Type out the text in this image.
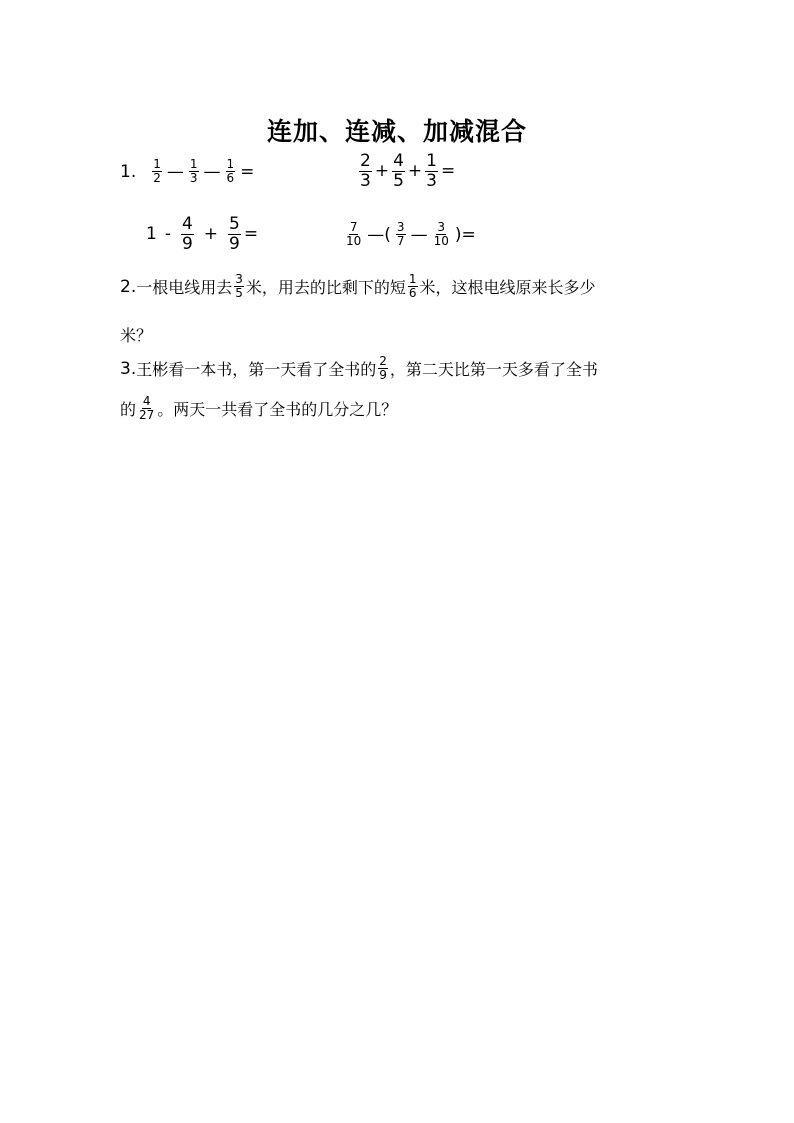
连加、连减、加减混合
1. $\frac{1}{2}$ — $\frac{1}{3}$ — $\frac{1}{6}$ =	$\frac{2}{3} + \frac{4}{5} + \frac{1}{3}$ =
$1 - \frac{4}{9} + \frac{5}{9}$ =	$\frac{7}{10}$ —( $\frac{3}{7}$ — $\frac{3}{10}$ )=
2. 一根电线用去 $\frac{3}{5}$ 米，用去的比剩下的短 $\frac{1}{6}$ 米，这根电线原来长多少
米？
3. 王彬看一本书，第一天看了全书的 $\frac{2}{9}$ ，第二天比第一天多看了全书
的 $\frac{4}{27}$ 。两天一共看了全书的几分之几？
